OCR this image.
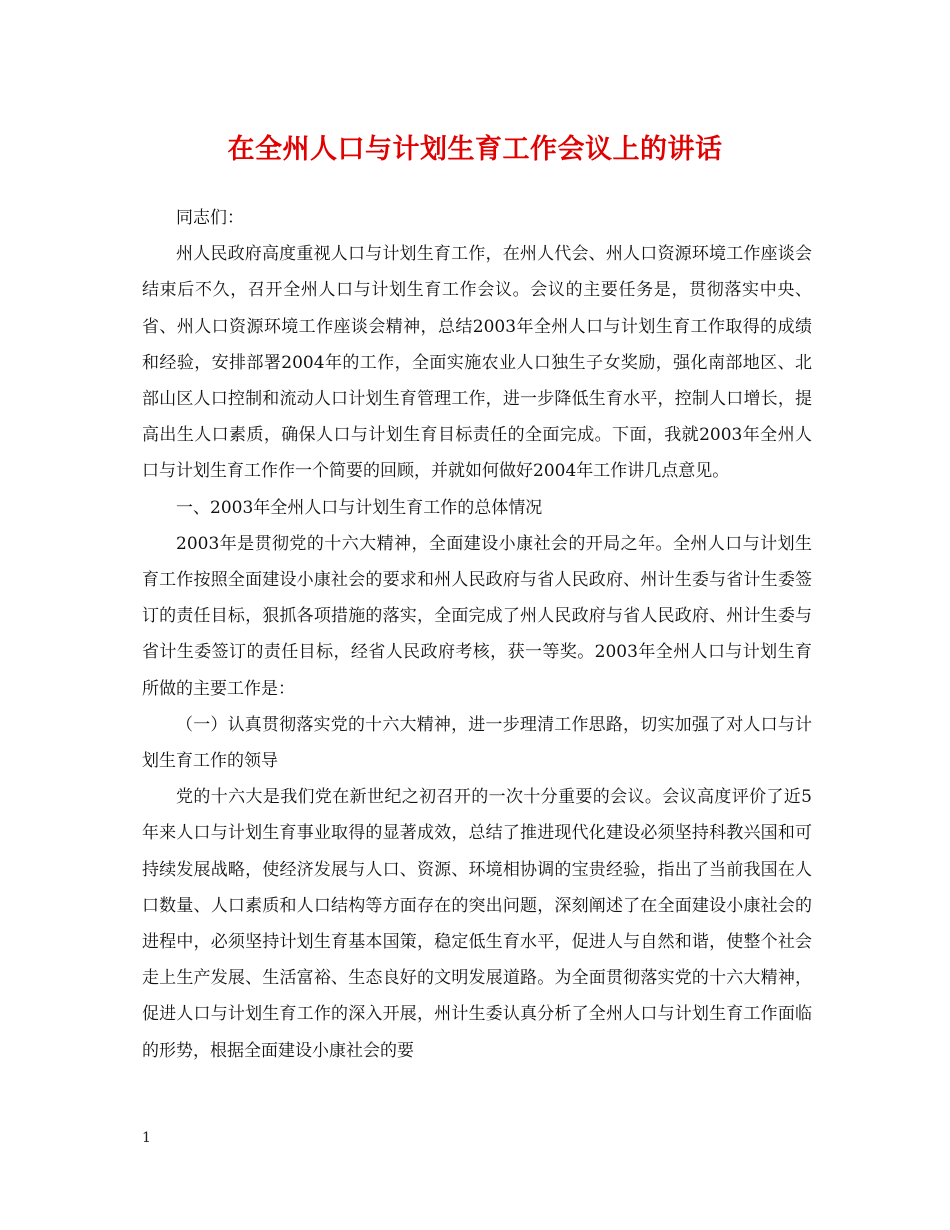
在全州人口与计划生育工作会议上的讲话

同志们：

州人民政府高度重视人口与计划生育工作，在州人代会、州人口资源环境工作座谈会结束后不久，召开全州人口与计划生育工作会议。会议的主要任务是，贯彻落实中央、省、州人口资源环境工作座谈会精神，总结2003年全州人口与计划生育工作取得的成绩和经验，安排部署2004年的工作，全面实施农业人口独生子女奖励，强化南部地区、北部山区人口控制和流动人口计划生育管理工作，进一步降低生育水平，控制人口增长，提高出生人口素质，确保人口与计划生育目标责任的全面完成。下面，我就2003年全州人口与计划生育工作作一个简要的回顾，并就如何做好2004年工作讲几点意见。

一、2003年全州人口与计划生育工作的总体情况

2003年是贯彻党的十六大精神，全面建设小康社会的开局之年。全州人口与计划生育工作按照全面建设小康社会的要求和州人民政府与省人民政府、州计生委与省计生委签订的责任目标，狠抓各项措施的落实，全面完成了州人民政府与省人民政府、州计生委与省计生委签订的责任目标，经省人民政府考核，获一等奖。2003年全州人口与计划生育所做的主要工作是：

（一）认真贯彻落实党的十六大精神，进一步理清工作思路，切实加强了对人口与计划生育工作的领导

党的十六大是我们党在新世纪之初召开的一次十分重要的会议。会议高度评价了近5年来人口与计划生育事业取得的显著成效，总结了推进现代化建设必须坚持科教兴国和可持续发展战略，使经济发展与人口、资源、环境相协调的宝贵经验，指出了当前我国在人口数量、人口素质和人口结构等方面存在的突出问题，深刻阐述了在全面建设小康社会的进程中，必须坚持计划生育基本国策，稳定低生育水平，促进人与自然和谐，使整个社会走上生产发展、生活富裕、生态良好的文明发展道路。为全面贯彻落实党的十六大精神，促进人口与计划生育工作的深入开展，州计生委认真分析了全州人口与计划生育工作面临的形势，根据全面建设小康社会的要

1
